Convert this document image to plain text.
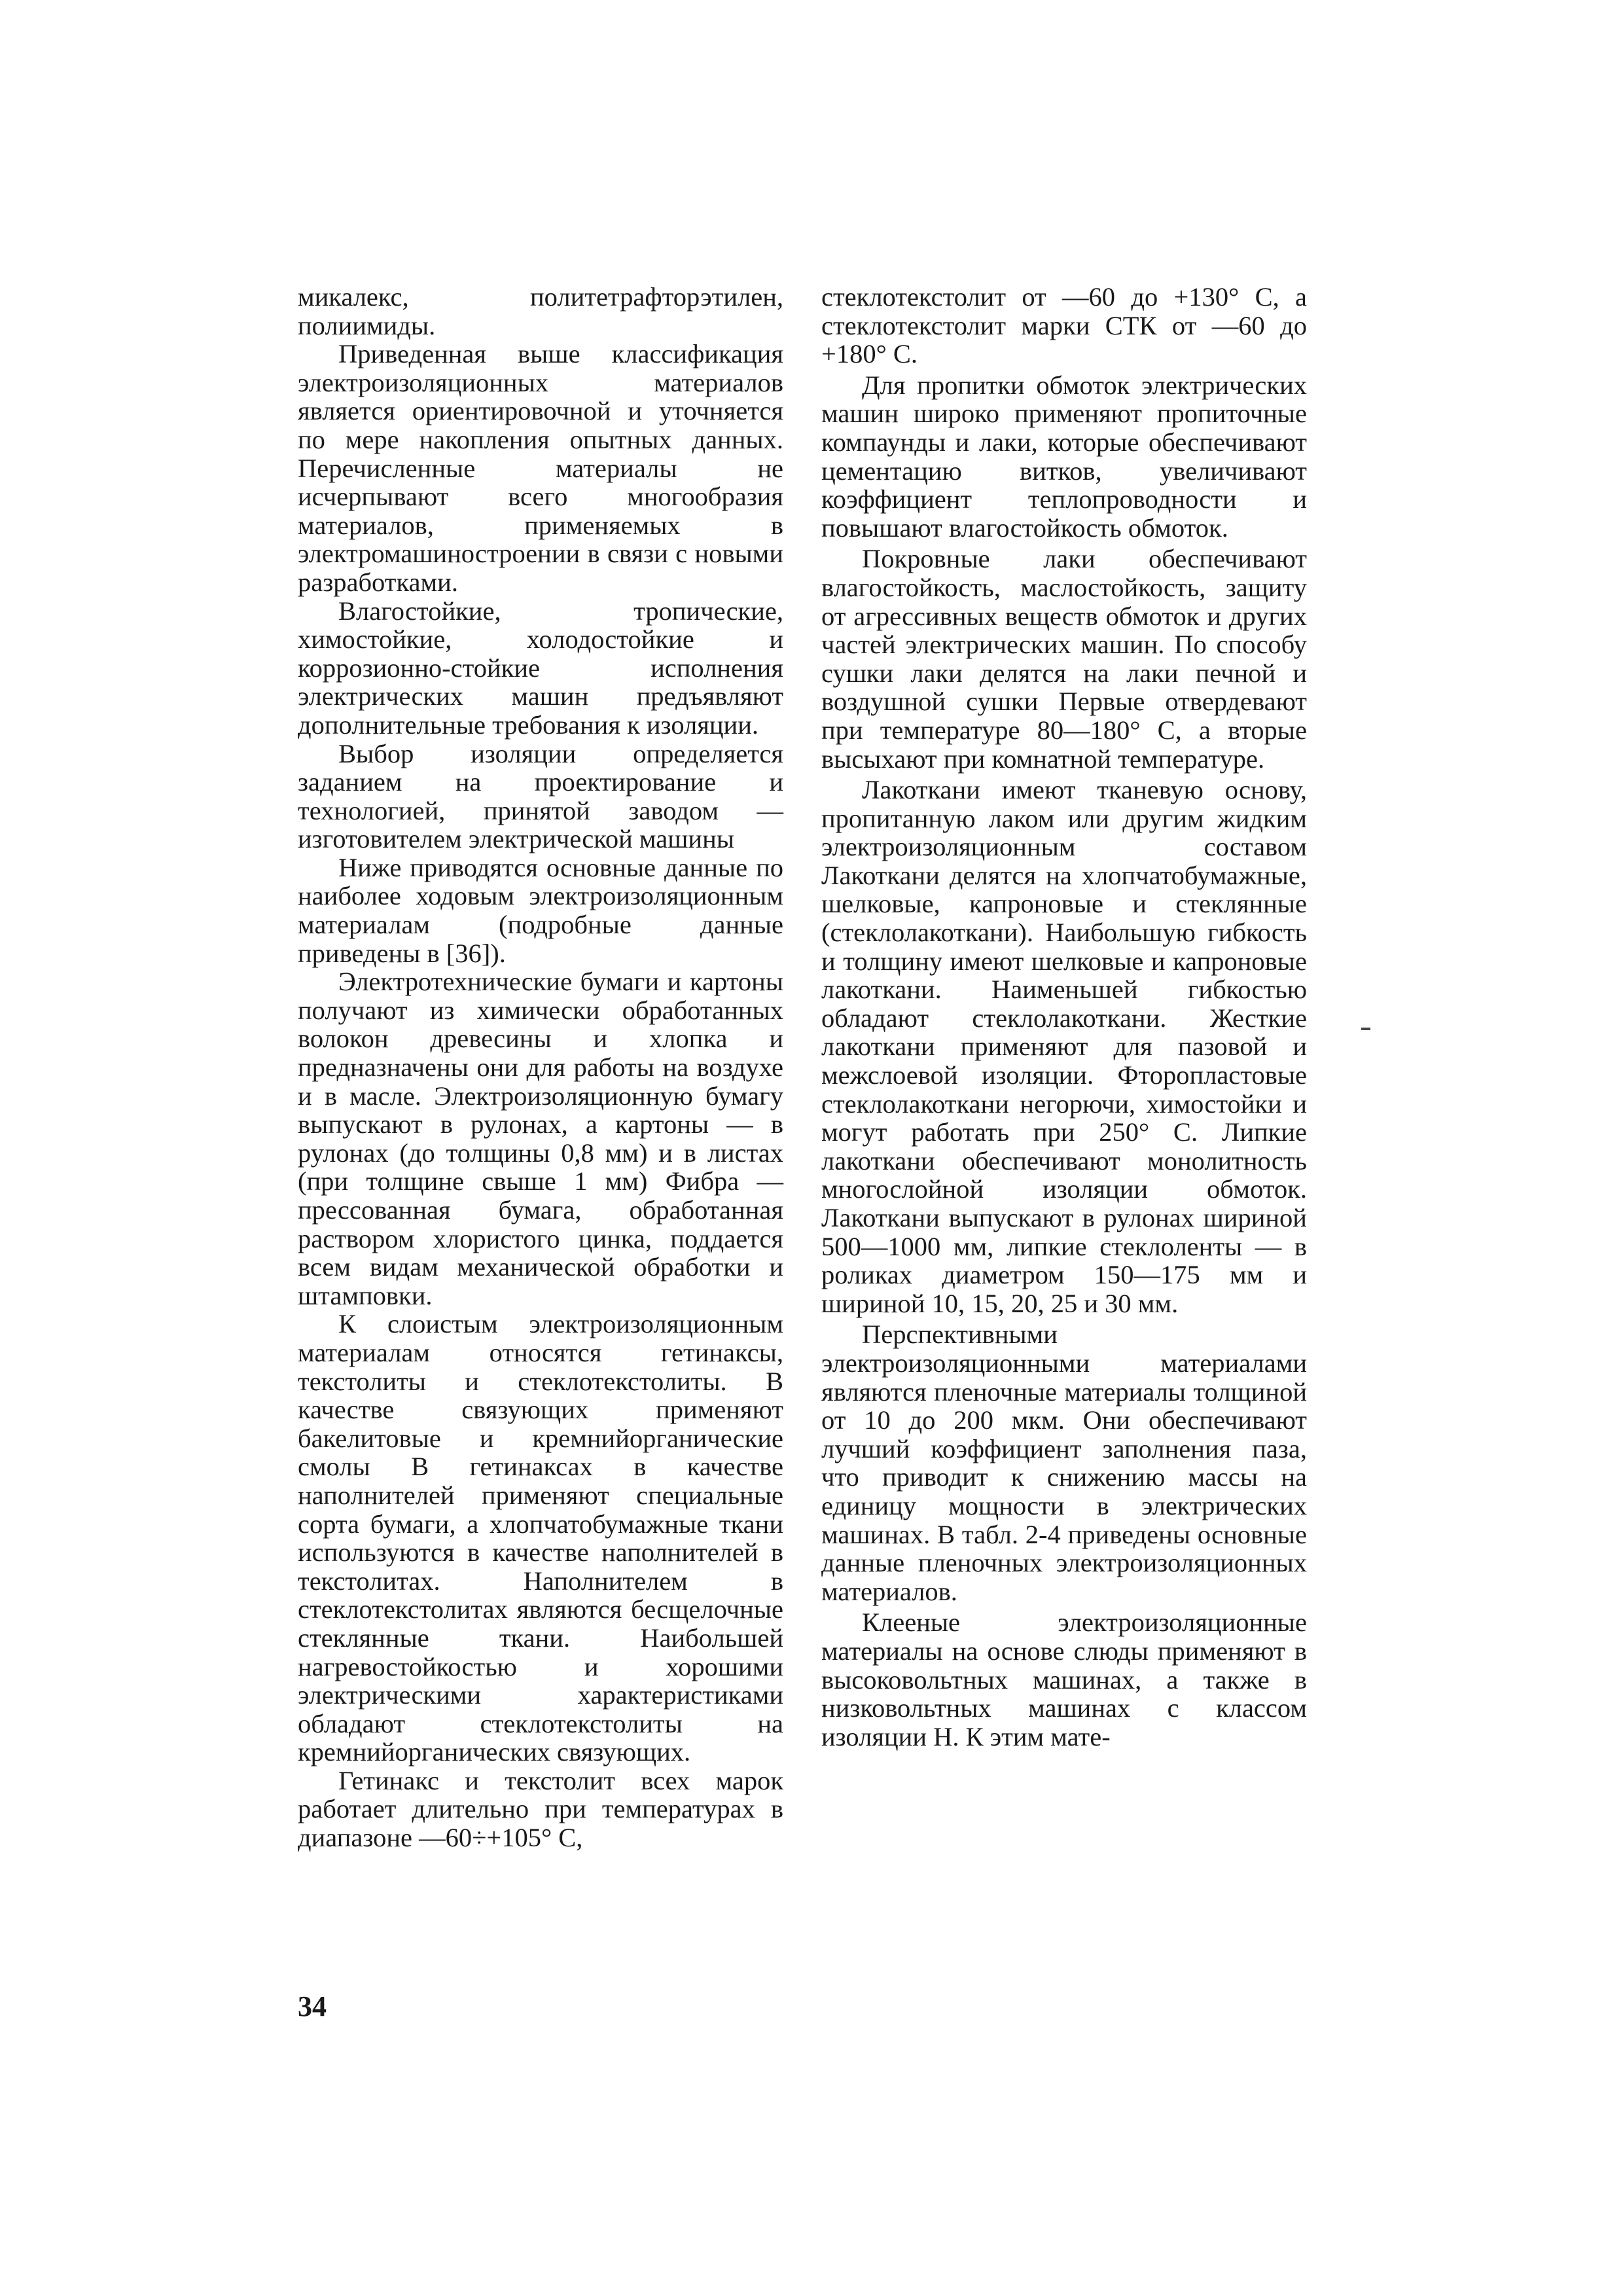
микалекс, политетрафторэтилен, полиимиды.

Приведенная выше классификация электроизоляционных материалов является ориентировочной и уточняется по мере накопления опытных данных. Перечисленные материалы не исчерпывают всего многообразия материалов, применяемых в электромашиностроении в связи с новыми разработками.

Влагостойкие, тропические, химостойкие, холодостойкие и коррозионно-стойкие исполнения электрических машин предъявляют дополнительные требования к изоляции.

Выбор изоляции определяется заданием на проектирование и технологией, принятой заводом — изготовителем электрической машины

Ниже приводятся основные данные по наиболее ходовым электроизоляционным материалам (подробные данные приведены в [36]).

Электротехнические бумаги и картоны получают из химически обработанных волокон древесины и хлопка и предназначены они для работы на воздухе и в масле. Электроизоляционную бумагу выпускают в рулонах, а картоны — в рулонах (до толщины 0,8 мм) и в листах (при толщине свыше 1 мм) Фибра — прессованная бумага, обработанная раствором хлористого цинка, поддается всем видам механической обработки и штамповки.

К слоистым электроизоляционным материалам относятся гетинаксы, текстолиты и стеклотекстолиты. В качестве связующих применяют бакелитовые и кремнийорганические смолы В гетинаксах в качестве наполнителей применяют специальные сорта бумаги, а хлопчатобумажные ткани используются в качестве наполнителей в текстолитах. Наполнителем в стеклотекстолитах являются бесщелочные стеклянные ткани. Наибольшей нагревостойкостью и хорошими электрическими характеристиками обладают стеклотекстолиты на кремнийорганических связующих.

Гетинакс и текстолит всех марок работает длительно при температурах в диапазоне —60÷+105° С,

стеклотекстолит от —60 до +130° С, а стеклотекстолит марки СТК от —60 до +180° С.

Для пропитки обмоток электрических машин широко применяют пропиточные компаунды и лаки, которые обеспечивают цементацию витков, увеличивают коэффициент теплопроводности и повышают влагостойкость обмоток.

Покровные лаки обеспечивают влагостойкость, маслостойкость, защиту от агрессивных веществ обмоток и других частей электрических машин. По способу сушки лаки делятся на лаки печной и воздушной сушки Первые отвердевают при температуре 80—180° С, а вторые высыхают при комнатной температуре.

Лакоткани имеют тканевую основу, пропитанную лаком или другим жидким электроизоляционным составом Лакоткани делятся на хлопчатобумажные, шелковые, капроновые и стеклянные (стеклолакоткани). Наибольшую гибкость и толщину имеют шелковые и капроновые лакоткани. Наименьшей гибкостью обладают стеклолакоткани. Жесткие лакоткани применяют для пазовой и межслоевой изоляции. Фторопластовые стеклолакоткани негорючи, химостойки и могут работать при 250° С. Липкие лакоткани обеспечивают монолитность многослойной изоляции обмоток. Лакоткани выпускают в рулонах шириной 500—1000 мм, липкие стеклоленты — в роликах диаметром 150—175 мм и шириной 10, 15, 20, 25 и 30 мм.

Перспективными электроизоляционными материалами являются пленочные материалы толщиной от 10 до 200 мкм. Они обеспечивают лучший коэффициент заполнения паза, что приводит к снижению массы на единицу мощности в электрических машинах. В табл. 2-4 приведены основные данные пленочных электроизоляционных материалов.

Клееные электроизоляционные материалы на основе слюды применяют в высоковольтных машинах, а также в низковольтных машинах с классом изоляции Н. К этим мате-

34
